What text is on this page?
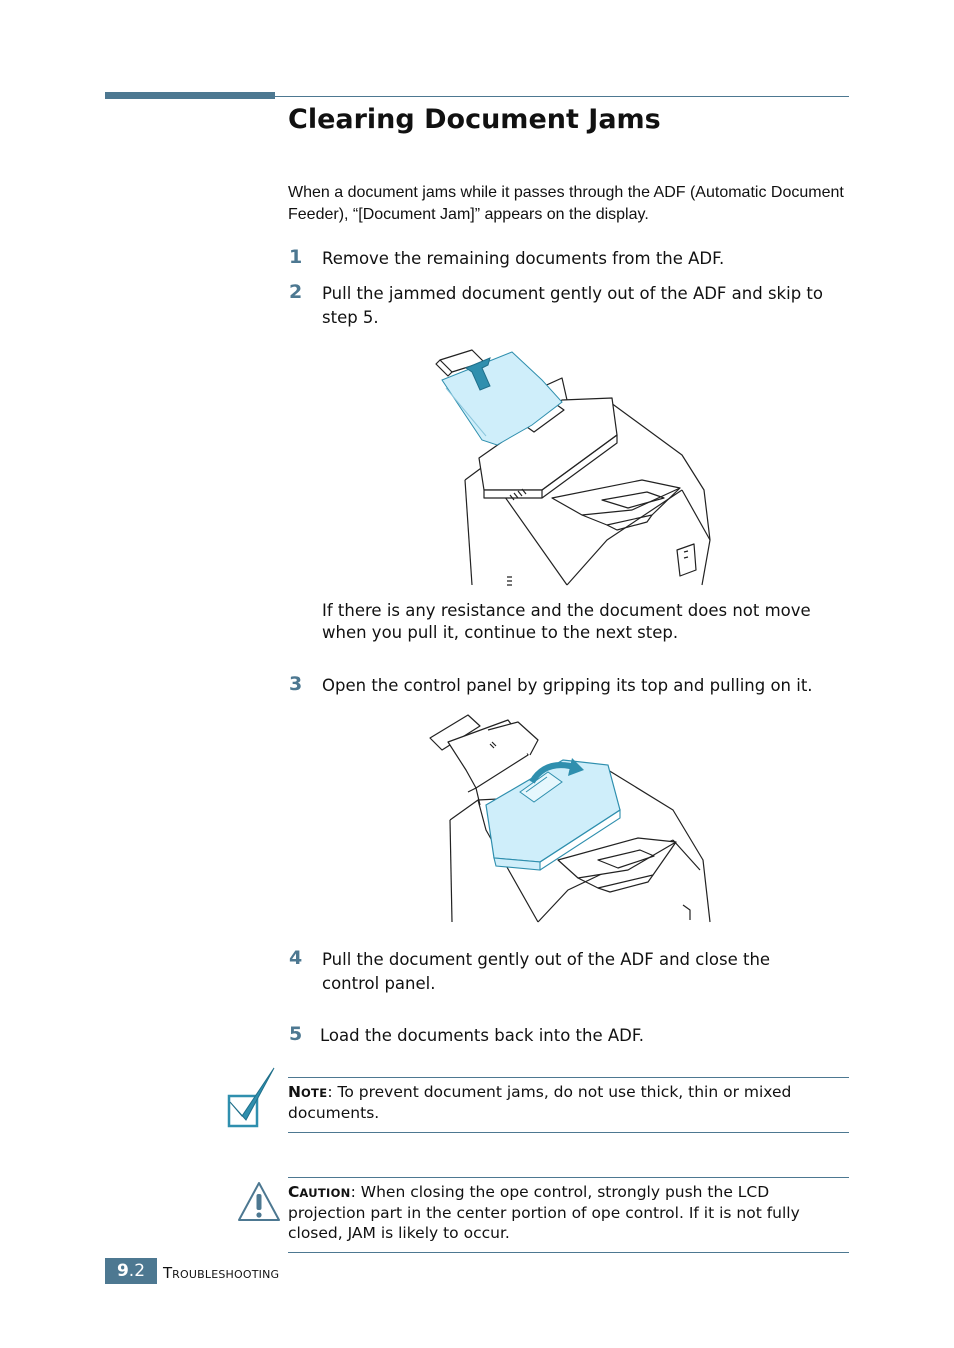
Clearing Document Jams
When a document jams while it passes through the ADF (Automatic Document Feeder), “[Document Jam]” appears on the display.
1 Remove the remaining documents from the ADF.
2 Pull the jammed document gently out of the ADF and skip to step 5.
If there is any resistance and the document does not move when you pull it, continue to the next step.
3 Open the control panel by gripping its top and pulling on it.
4 Pull the document gently out of the ADF and close the control panel.
5 Load the documents back into the ADF.
NOTE: To prevent document jams, do not use thick, thin or mixed documents.
CAUTION: When closing the ope control, strongly push the LCD projection part in the center portion of ope control. If it is not fully closed, JAM is likely to occur.
9.2	TROUBLESHOOTING
